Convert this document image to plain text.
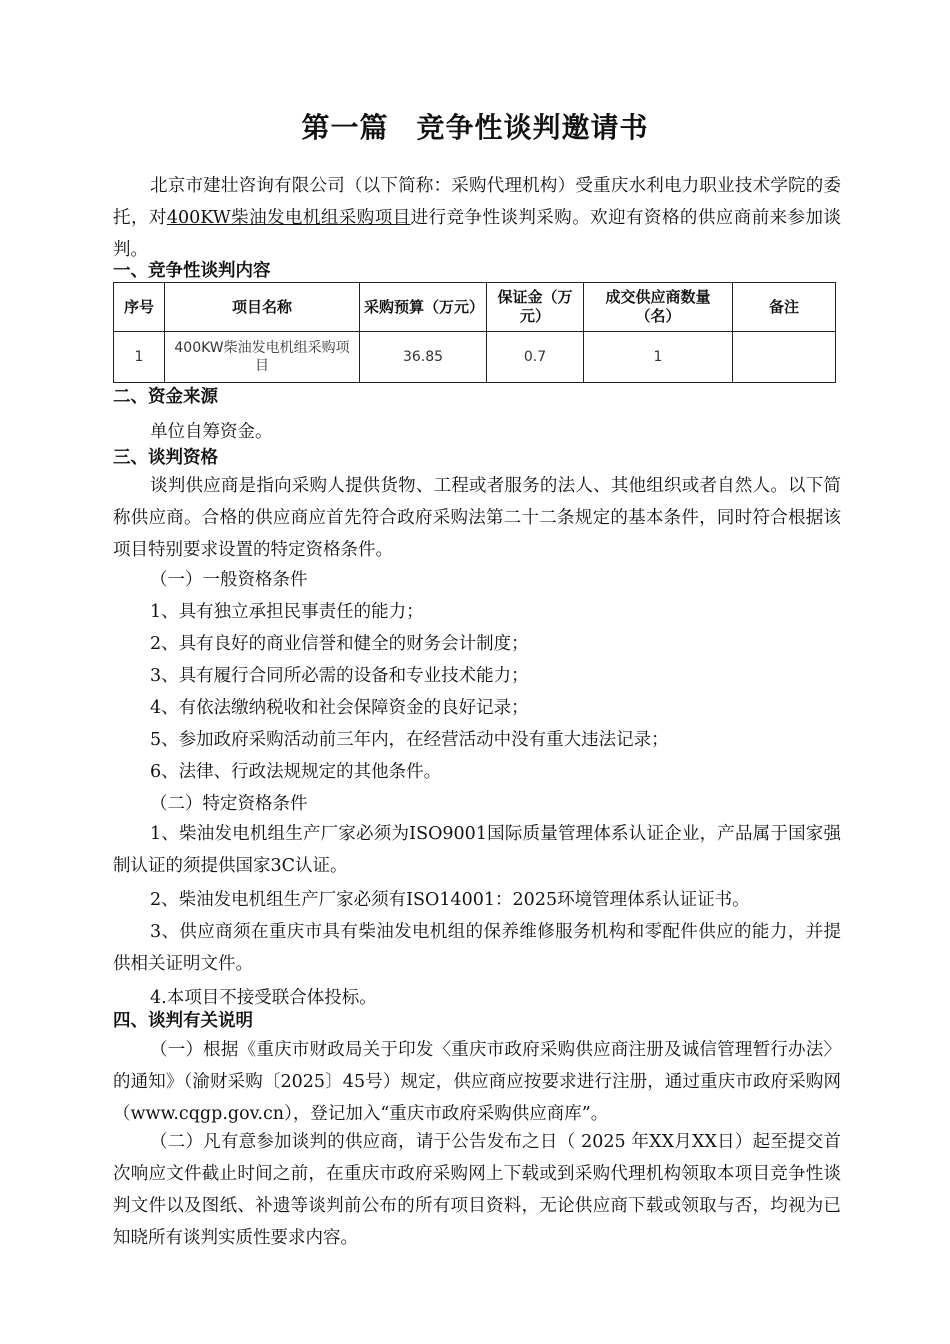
第一篇 竞争性谈判邀请书
北京市建壮咨询有限公司（以下简称：采购代理机构）受重庆水利电力职业技术学院的委托，对400KW柴油发电机组采购项目进行竞争性谈判采购。欢迎有资格的供应商前来参加谈判。
一、竞争性谈判内容
序号	项目名称	采购预算（万元）	保证金（万元）	成交供应商数量（名）	备注
1	400KW柴油发电机组采购项目	36.85	0.7	1	
二、资金来源
单位自筹资金。
三、谈判资格
谈判供应商是指向采购人提供货物、工程或者服务的法人、其他组织或者自然人。以下简称供应商。合格的供应商应首先符合政府采购法第二十二条规定的基本条件，同时符合根据该项目特别要求设置的特定资格条件。
（一）一般资格条件
1、具有独立承担民事责任的能力；
2、具有良好的商业信誉和健全的财务会计制度；
3、具有履行合同所必需的设备和专业技术能力；
4、有依法缴纳税收和社会保障资金的良好记录；
5、参加政府采购活动前三年内，在经营活动中没有重大违法记录；
6、法律、行政法规规定的其他条件。
（二）特定资格条件
1、柴油发电机组生产厂家必须为ISO9001国际质量管理体系认证企业，产品属于国家强制认证的须提供国家3C认证。
2、柴油发电机组生产厂家必须有ISO14001：2025环境管理体系认证证书。
3、供应商须在重庆市具有柴油发电机组的保养维修服务机构和零配件供应的能力，并提供相关证明文件。
4.本项目不接受联合体投标。
四、谈判有关说明
（一）根据《重庆市财政局关于印发〈重庆市政府采购供应商注册及诚信管理暂行办法〉的通知》（渝财采购〔2025〕45号）规定，供应商应按要求进行注册，通过重庆市政府采购网（www.cqgp.gov.cn），登记加入“重庆市政府采购供应商库”。
（二）凡有意参加谈判的供应商，请于公告发布之日（ 2025 年XX月XX日）起至提交首次响应文件截止时间之前，在重庆市政府采购网上下载或到采购代理机构领取本项目竞争性谈判文件以及图纸、补遗等谈判前公布的所有项目资料，无论供应商下载或领取与否，均视为已知晓所有谈判实质性要求内容。
